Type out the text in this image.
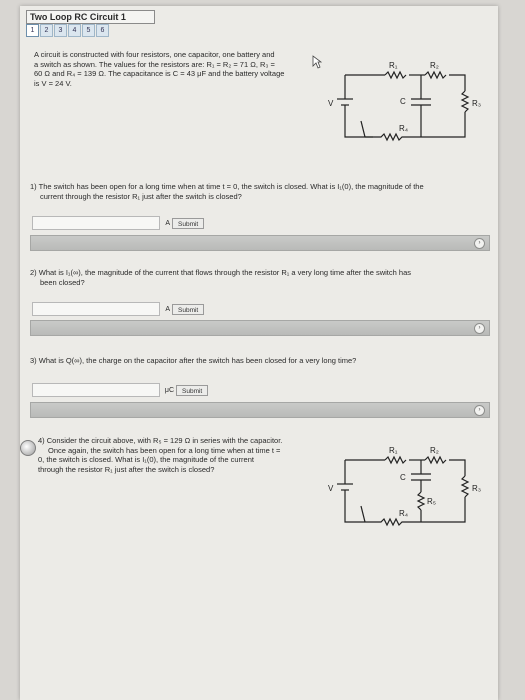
Two Loop RC Circuit 1
1	2	3	4	5	6
A circuit is constructed with four resistors, one capacitor, one battery and
a switch as shown. The values for the resistors are: R₁ = R₂ = 71 Ω, R₃ =
60 Ω and R₄ = 139 Ω. The capacitance is C = 43 μF and the battery voltage
is V = 24 V.
R₁	R₂
R₃
R₄
C
V
1) The switch has been open for a long time when at time t = 0, the switch is closed. What is I₁(0), the magnitude of the
current through the resistor R₁ just after the switch is closed?
A	Submit
›
2) What is I₁(∞), the magnitude of the current that flows through the resistor R₁ a very long time after the switch has
been closed?
A	Submit
›
3) What is Q(∞), the charge on the capacitor after the switch has been closed for a very long time?
μC	Submit
›
4) Consider the circuit above, with R₅ = 129 Ω in series with the capacitor.
Once again, the switch has been open for a long time when at time t =
0, the switch is closed. What is I₁(0), the magnitude of the current
through the resistor R₁ just after the switch is closed?
R₁	R₂
R₃
R₄
R₅
C
V
